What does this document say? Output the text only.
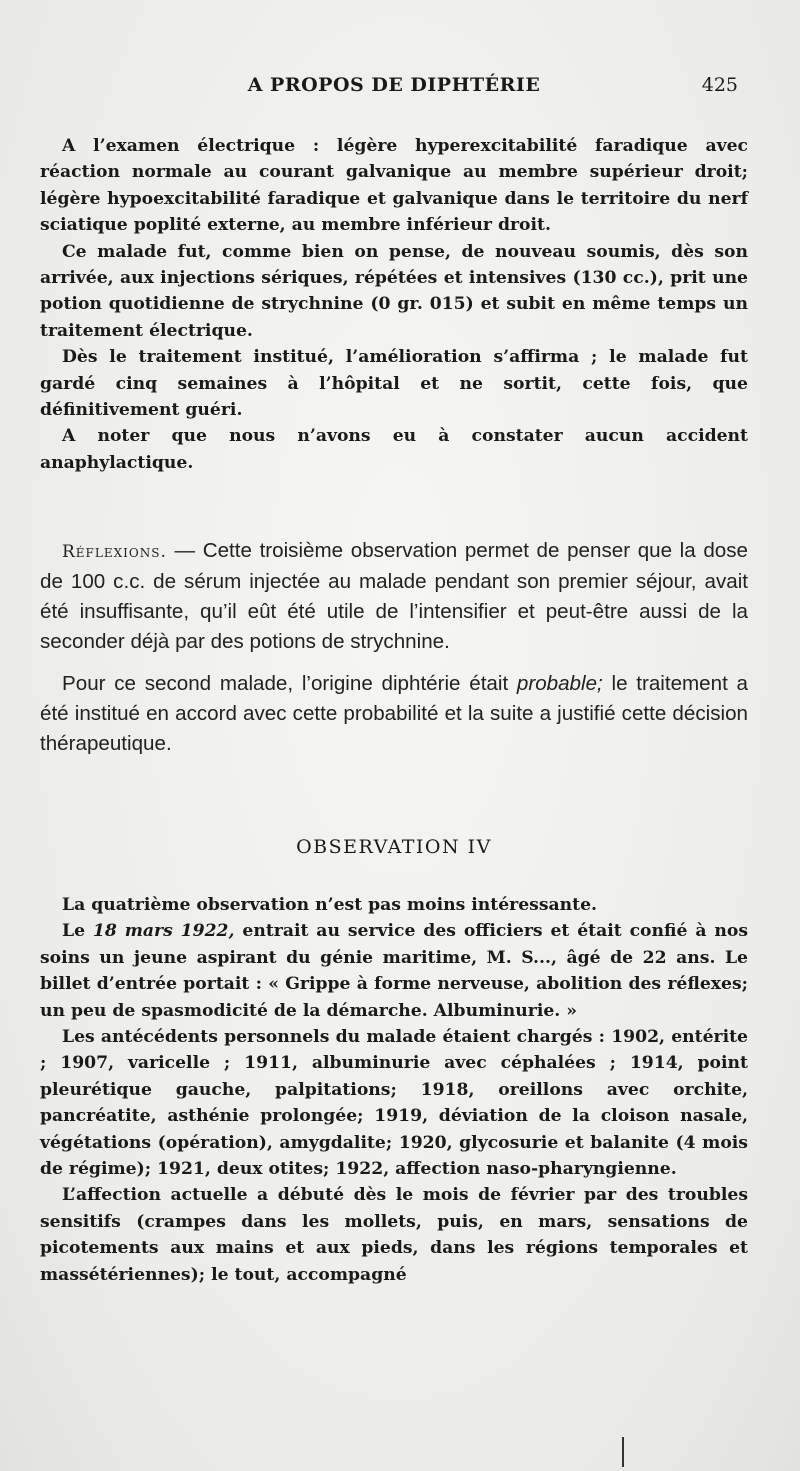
A PROPOS DE DIPHTÉRIE	425

A l’examen électrique : légère hyperexcitabilité faradique avec réaction normale au courant galvanique au membre supérieur droit; légère hypoexcitabilité faradique et galvanique dans le territoire du nerf sciatique poplité externe, au membre inférieur droit.

Ce malade fut, comme bien on pense, de nouveau soumis, dès son arrivée, aux injections sériques, répétées et intensives (130 cc.), prit une potion quotidienne de strychnine (0 gr. 015) et subit en même temps un traitement électrique.

Dès le traitement institué, l’amélioration s’affirma ; le malade fut gardé cinq semaines à l’hôpital et ne sortit, cette fois, que définitivement guéri.

A noter que nous n’avons eu à constater aucun accident anaphylactique.

Réflexions. — Cette troisième observation permet de penser que la dose de 100 c.c. de sérum injectée au malade pendant son premier séjour, avait été insuffisante, qu’il eût été utile de l’intensifier et peut-être aussi de la seconder déjà par des potions de strychnine.

Pour ce second malade, l’origine diphtérie était probable; le traitement a été institué en accord avec cette probabilité et la suite a justifié cette décision thérapeutique.

OBSERVATION IV

La quatrième observation n’est pas moins intéressante.

Le 18 mars 1922, entrait au service des officiers et était confié à nos soins un jeune aspirant du génie maritime, M. S..., âgé de 22 ans. Le billet d’entrée portait : « Grippe à forme nerveuse, abolition des réflexes; un peu de spasmodicité de la démarche. Albuminurie. »

Les antécédents personnels du malade étaient chargés : 1902, entérite ; 1907, varicelle ; 1911, albuminurie avec céphalées ; 1914, point pleurétique gauche, palpitations; 1918, oreillons avec orchite, pancréatite, asthénie prolongée; 1919, déviation de la cloison nasale, végétations (opération), amygdalite; 1920, glycosurie et balanite (4 mois de régime); 1921, deux otites; 1922, affection naso-pharyngienne.

L’affection actuelle a débuté dès le mois de février par des troubles sensitifs (crampes dans les mollets, puis, en mars, sensations de picotements aux mains et aux pieds, dans les régions temporales et massétériennes); le tout, accompagné
